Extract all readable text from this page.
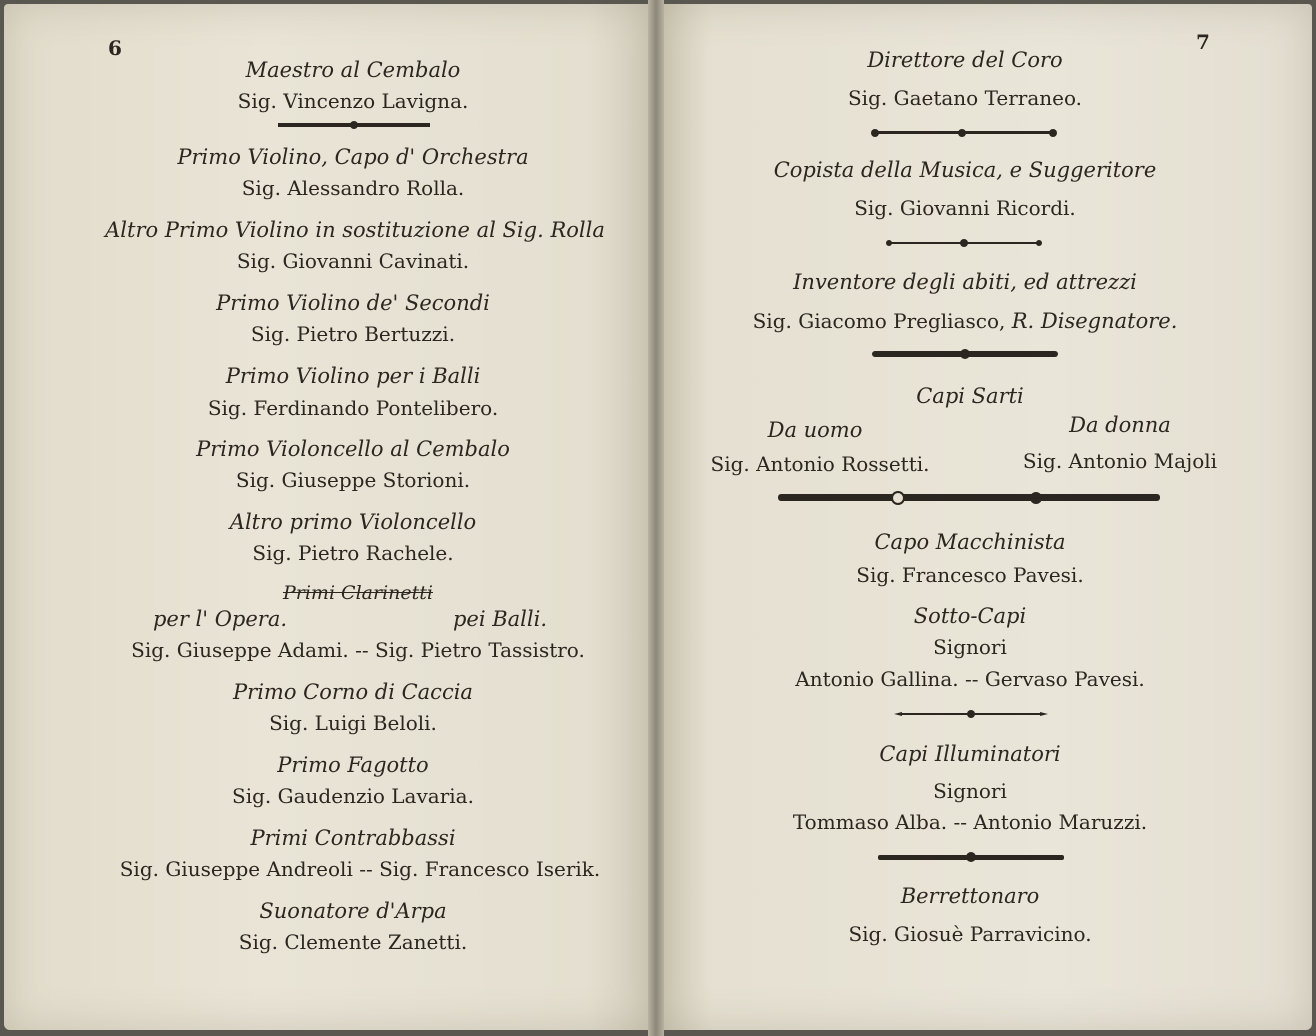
6
Maestro al Cembalo
Sig. Vincenzo Lavigna.
Primo Violino, Capo d' Orchestra
Sig. Alessandro Rolla.
Altro Primo Violino in sostituzione al Sig. Rolla
Sig. Giovanni Cavinati.
Primo Violino de' Secondi
Sig. Pietro Bertuzzi.
Primo Violino per i Balli
Sig. Ferdinando Pontelibero.
Primo Violoncello al Cembalo
Sig. Giuseppe Storioni.
Altro primo Violoncello
Sig. Pietro Rachele.
Primi Clarinetti
per l' Opera.	pei Balli.
Sig. Giuseppe Adami. -- Sig. Pietro Tassistro.
Primo Corno di Caccia
Sig. Luigi Beloli.
Primo Fagotto
Sig. Gaudenzio Lavaria.
Primi Contrabbassi
Sig. Giuseppe Andreoli -- Sig. Francesco Iserik.
Suonatore d'Arpa
Sig. Clemente Zanetti.
7
Direttore del Coro
Sig. Gaetano Terraneo.
Copista della Musica, e Suggeritore
Sig. Giovanni Ricordi.
Inventore degli abiti, ed attrezzi
Sig. Giacomo Pregliasco, R. Disegnatore.
Capi Sarti
Da uomo	Da donna
Sig. Antonio Rossetti.	Sig. Antonio Majoli
Capo Macchinista
Sig. Francesco Pavesi.
Sotto-Capi
Signori
Antonio Gallina. -- Gervaso Pavesi.
Capi Illuminatori
Signori
Tommaso Alba. -- Antonio Maruzzi.
Berrettonaro
Sig. Giosuè Parravicino.
